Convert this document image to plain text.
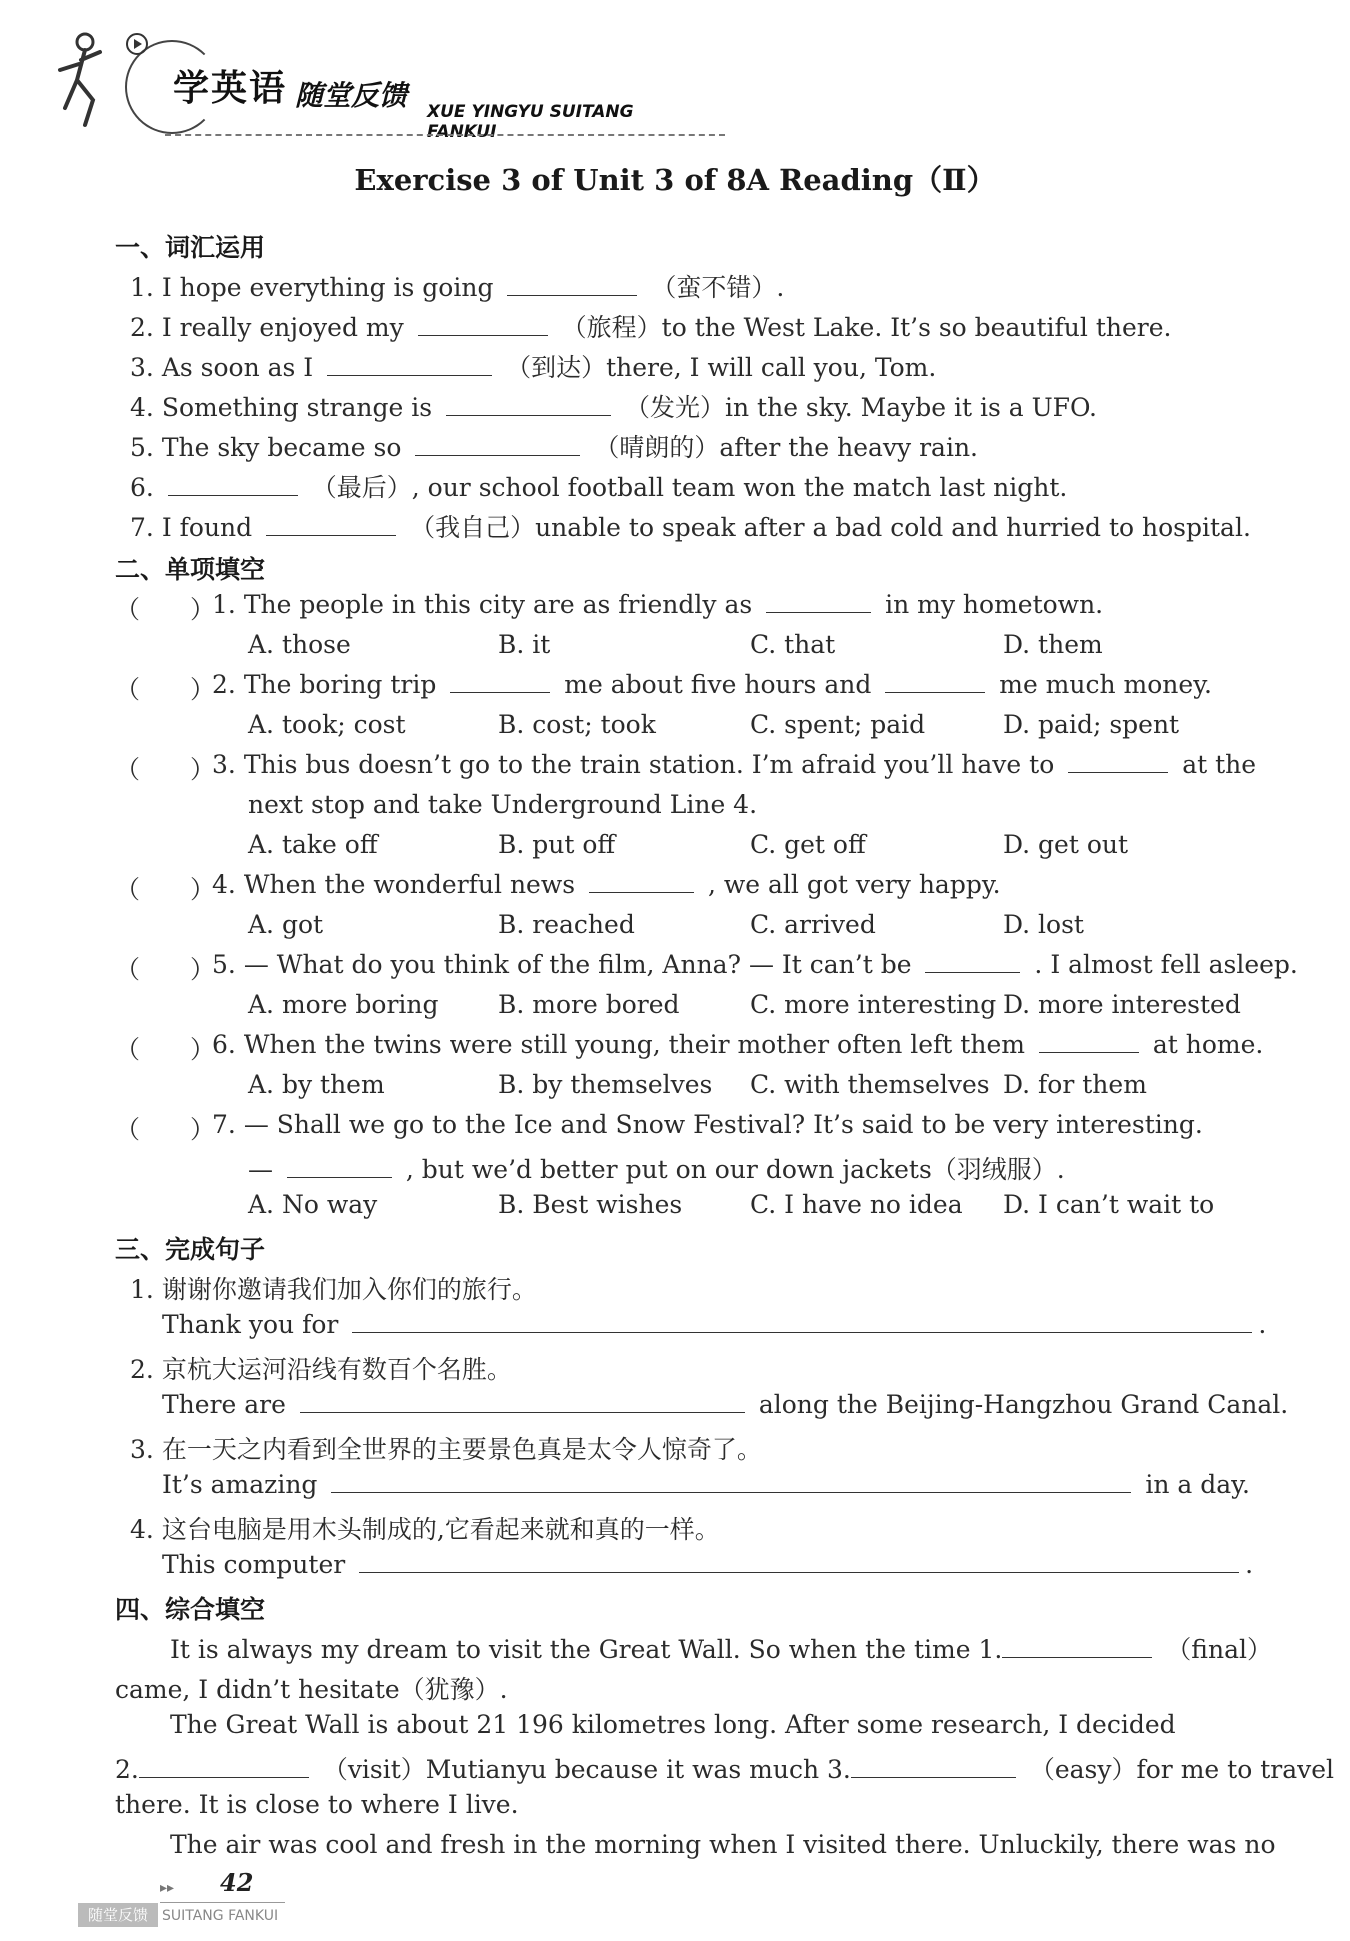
学英语 随堂反馈 XUE YINGYU SUITANG FANKUI
Exercise 3 of Unit 3 of 8A Reading（Ⅱ）
一、词汇运用
1. I hope everything is going	（蛮不错）.
2. I really enjoyed my	（旅程）to the West Lake. It’s so beautiful there.
3. As soon as I	（到达）there, I will call you, Tom.
4. Something strange is	（发光）in the sky. Maybe it is a UFO.
5. The sky became so	（晴朗的）after the heavy rain.
6.	（最后）, our school football team won the match last night.
7. I found	（我自己）unable to speak after a bad cold and hurried to hospital.
二、单项填空
（　　）
1. The people in this city are as friendly as	in my hometown.
A. those	B. it	C. that	D. them
（　　）
2. The boring trip	me about five hours and	me much money.
A. took; cost	B. cost; took	C. spent; paid	D. paid; spent
（　　）
3. This bus doesn’t go to the train station. I’m afraid you’ll have to	at the
next stop and take Underground Line 4.
A. take off	B. put off	C. get off	D. get out
（　　）
4. When the wonderful news	, we all got very happy.
A. got	B. reached	C. arrived	D. lost
（　　）
5. — What do you think of the film, Anna? — It can’t be	. I almost fell asleep.
A. more boring B. more bored	C. more interesting D. more interested
（　　）
6. When the twins were still young, their mother often left them	at home.
A. by them	B. by themselves C. with themselves D. for them
（　　）
7. — Shall we go to the Ice and Snow Festival? It’s said to be very interesting.
—	, but we’d better put on our down jackets（羽绒服）.
A. No way	B. Best wishes	C. I have no idea D. I can’t wait to
三、完成句子
1. 谢谢你邀请我们加入你们的旅行。
Thank you for	.
2. 京杭大运河沿线有数百个名胜。
There are	along the Beijing-Hangzhou Grand Canal.
3. 在一天之内看到全世界的主要景色真是太令人惊奇了。
It’s amazing	in a day.
4. 这台电脑是用木头制成的,它看起来就和真的一样。
This computer	.
四、综合填空
It is always my dream to visit the Great Wall. So when the time 1.	（final）
came, I didn’t hesitate（犹豫）.
The Great Wall is about 21 196 kilometres long. After some research, I decided
2.	（visit）Mutianyu because it was much 3.	（easy）for me to travel
there. It is close to where I live.
The air was cool and fresh in the morning when I visited there. Unluckily, there was no
▸▸ 42
随堂反馈	SUITANG FANKUI
